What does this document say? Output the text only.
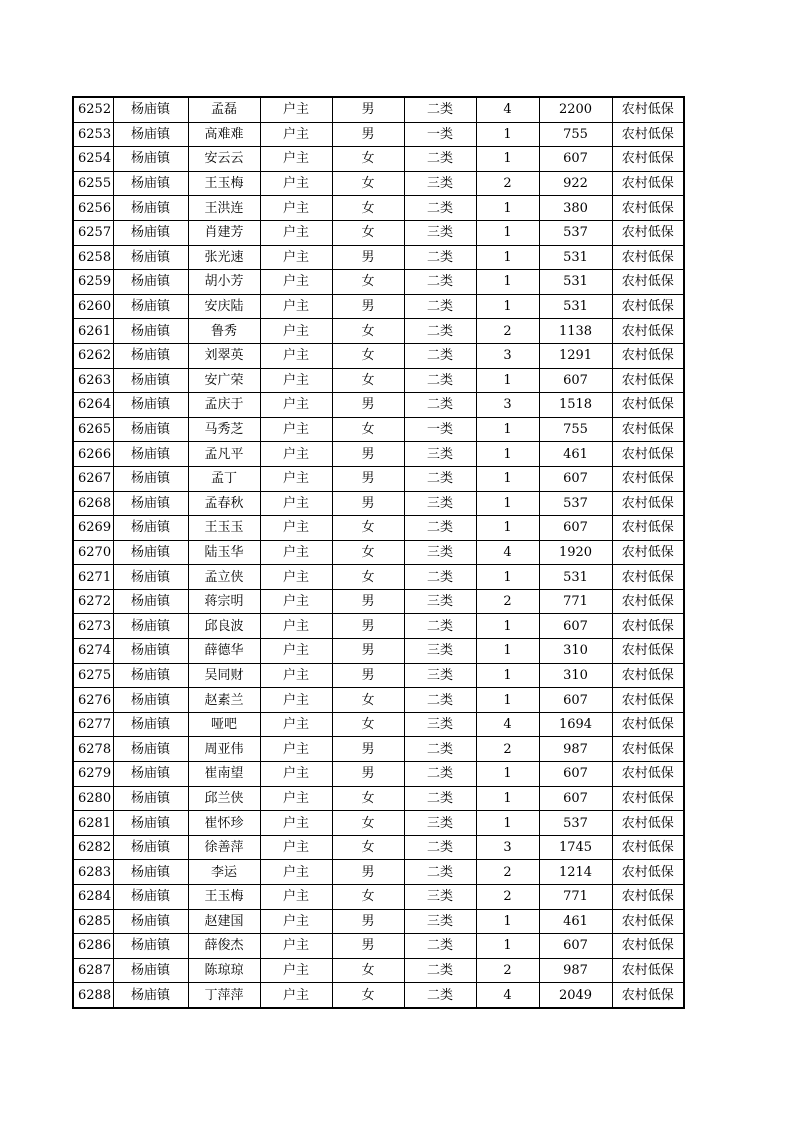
6252	杨庙镇	孟磊	户主	男	二类	4	2200	农村低保
6253	杨庙镇	高难难	户主	男	一类	1	755	农村低保
6254	杨庙镇	安云云	户主	女	二类	1	607	农村低保
6255	杨庙镇	王玉梅	户主	女	三类	2	922	农村低保
6256	杨庙镇	王洪连	户主	女	二类	1	380	农村低保
6257	杨庙镇	肖建芳	户主	女	三类	1	537	农村低保
6258	杨庙镇	张光速	户主	男	二类	1	531	农村低保
6259	杨庙镇	胡小芳	户主	女	二类	1	531	农村低保
6260	杨庙镇	安庆陆	户主	男	二类	1	531	农村低保
6261	杨庙镇	鲁秀	户主	女	二类	2	1138	农村低保
6262	杨庙镇	刘翠英	户主	女	二类	3	1291	农村低保
6263	杨庙镇	安广荣	户主	女	二类	1	607	农村低保
6264	杨庙镇	孟庆于	户主	男	二类	3	1518	农村低保
6265	杨庙镇	马秀芝	户主	女	一类	1	755	农村低保
6266	杨庙镇	孟凡平	户主	男	三类	1	461	农村低保
6267	杨庙镇	孟丁	户主	男	二类	1	607	农村低保
6268	杨庙镇	孟春秋	户主	男	三类	1	537	农村低保
6269	杨庙镇	王玉玉	户主	女	二类	1	607	农村低保
6270	杨庙镇	陆玉华	户主	女	三类	4	1920	农村低保
6271	杨庙镇	孟立侠	户主	女	二类	1	531	农村低保
6272	杨庙镇	蒋宗明	户主	男	三类	2	771	农村低保
6273	杨庙镇	邱良波	户主	男	二类	1	607	农村低保
6274	杨庙镇	薛德华	户主	男	三类	1	310	农村低保
6275	杨庙镇	吴同财	户主	男	三类	1	310	农村低保
6276	杨庙镇	赵素兰	户主	女	二类	1	607	农村低保
6277	杨庙镇	哑吧	户主	女	三类	4	1694	农村低保
6278	杨庙镇	周亚伟	户主	男	二类	2	987	农村低保
6279	杨庙镇	崔南望	户主	男	二类	1	607	农村低保
6280	杨庙镇	邱兰侠	户主	女	二类	1	607	农村低保
6281	杨庙镇	崔怀珍	户主	女	三类	1	537	农村低保
6282	杨庙镇	徐善萍	户主	女	二类	3	1745	农村低保
6283	杨庙镇	李运	户主	男	二类	2	1214	农村低保
6284	杨庙镇	王玉梅	户主	女	三类	2	771	农村低保
6285	杨庙镇	赵建国	户主	男	三类	1	461	农村低保
6286	杨庙镇	薛俊杰	户主	男	二类	1	607	农村低保
6287	杨庙镇	陈琼琼	户主	女	二类	2	987	农村低保
6288	杨庙镇	丁萍萍	户主	女	二类	4	2049	农村低保
